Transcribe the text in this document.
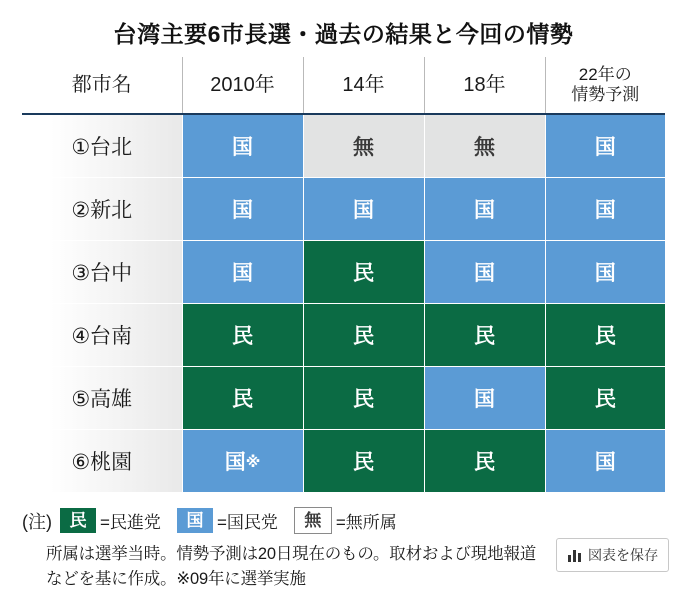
台湾主要6市長選・過去の結果と今回の情勢
都市名	2010年	14年	18年	22年の
情勢予測

①台北	国	無	無	国
②新北	国	国	国	国
③台中	国	民	国	国
④台南	民	民	民	民
⑤高雄	民	民	国	民
⑥桃園	国※	民	民	国
(注)	民 =民進党	国 =国民党	無 =無所属
所属は選挙当時。情勢予測は20日現在のもの。取材および現地報道
などを基に作成。※09年に選挙実施
図表を保存
